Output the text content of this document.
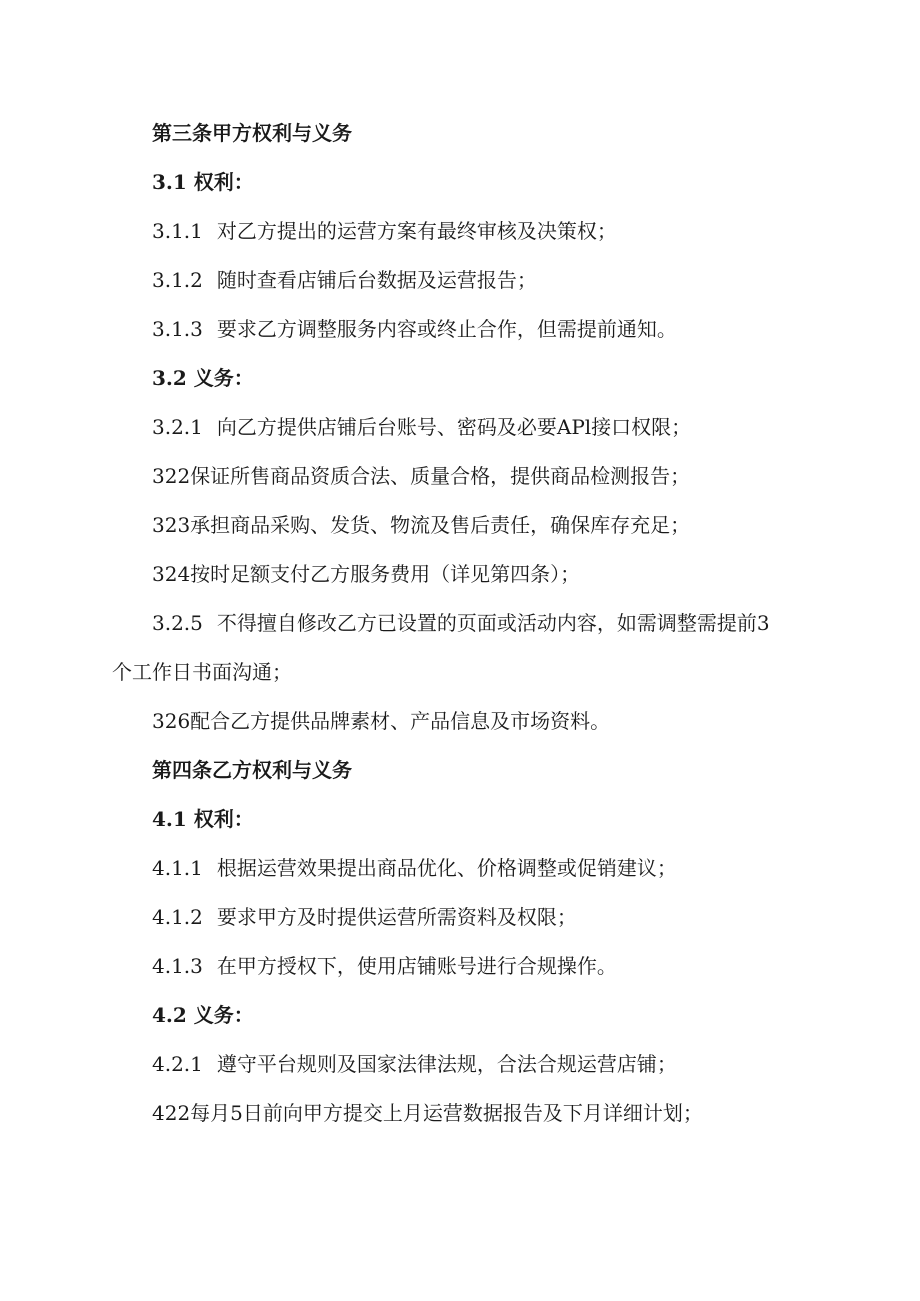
第三条甲方权利与义务
3.1 权利：
3.1.1 对乙方提出的运营方案有最终审核及决策权；
3.1.2 随时查看店铺后台数据及运营报告；
3.1.3 要求乙方调整服务内容或终止合作，但需提前通知。
3.2 义务：
3.2.1 向乙方提供店铺后台账号、密码及必要APl接口权限；
322保证所售商品资质合法、质量合格，提供商品检测报告；
323承担商品采购、发货、物流及售后责任，确保库存充足；
324按时足额支付乙方服务费用（详见第四条）；
3.2.5 不得擅自修改乙方已设置的页面或活动内容，如需调整需提前3
个工作日书面沟通；
326配合乙方提供品牌素材、产品信息及市场资料。
第四条乙方权利与义务
4.1 权利：
4.1.1 根据运营效果提出商品优化、价格调整或促销建议；
4.1.2 要求甲方及时提供运营所需资料及权限；
4.1.3 在甲方授权下，使用店铺账号进行合规操作。
4.2 义务：
4.2.1 遵守平台规则及国家法律法规，合法合规运营店铺；
422每月5日前向甲方提交上月运营数据报告及下月详细计划；
